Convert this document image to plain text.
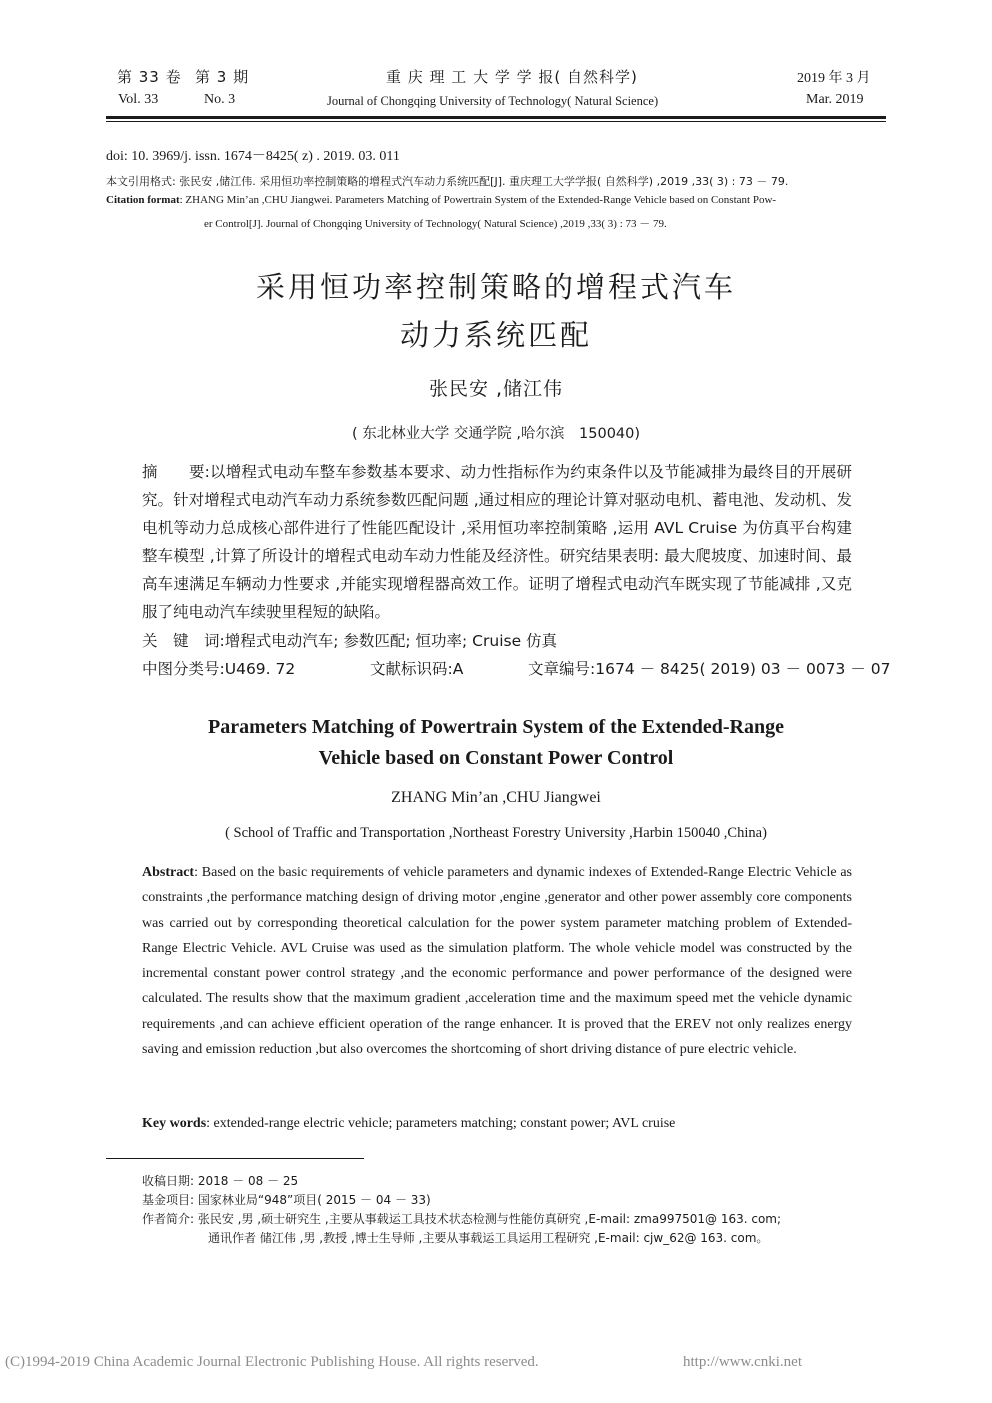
第 33 卷 第 3 期	重 庆 理 工 大 学 学 报( 自然科学)	2019 年 3 月
Vol. 33	No. 3	Journal of Chongqing University of Technology( Natural Science)	Mar. 2019
doi: 10. 3969/j. issn. 1674－8425( z) . 2019. 03. 011
本文引用格式: 张民安 ,储江伟. 采用恒功率控制策略的增程式汽车动力系统匹配[J]. 重庆理工大学学报( 自然科学) ,2019 ,33( 3) : 73 － 79.
Citation format: ZHANG Min’an ,CHU Jiangwei. Parameters Matching of Powertrain System of the Extended-Range Vehicle based on Constant Pow-
er Control[J]. Journal of Chongqing University of Technology( Natural Science) ,2019 ,33( 3) : 73 － 79.
采用恒功率控制策略的增程式汽车
动力系统匹配
张民安 ,储江伟
( 东北林业大学 交通学院 ,哈尔滨　150040)
摘　　要:以增程式电动车整车参数基本要求、动力性指标作为约束条件以及节能减排为最终目的开展研究。针对增程式电动汽车动力系统参数匹配问题 ,通过相应的理论计算对驱动电机、蓄电池、发动机、发电机等动力总成核心部件进行了性能匹配设计 ,采用恒功率控制策略 ,运用 AVL Cruise 为仿真平台构建整车模型 ,计算了所设计的增程式电动车动力性能及经济性。研究结果表明: 最大爬坡度、加速时间、最高车速满足车辆动力性要求 ,并能实现增程器高效工作。证明了增程式电动汽车既实现了节能减排 ,又克服了纯电动汽车续驶里程短的缺陷。
关　键　词:增程式电动汽车; 参数匹配; 恒功率; Cruise 仿真
中图分类号:U469. 72	文献标识码:A	文章编号:1674 － 8425( 2019) 03 － 0073 － 07
Parameters Matching of Powertrain System of the Extended-Range
Vehicle based on Constant Power Control
ZHANG Min’an ,CHU Jiangwei
( School of Traffic and Transportation ,Northeast Forestry University ,Harbin 150040 ,China)
Abstract: Based on the basic requirements of vehicle parameters and dynamic indexes of Extended-Range Electric Vehicle as constraints ,the performance matching design of driving motor ,engine ,generator and other power assembly core components was carried out by corresponding theoretical calculation for the power system parameter matching problem of Extended-Range Electric Vehicle. AVL Cruise was used as the simulation platform. The whole vehicle model was constructed by the incremental constant power control strategy ,and the economic performance and power performance of the designed were calculated. The results show that the maximum gradient ,acceleration time and the maximum speed met the vehicle dynamic requirements ,and can achieve efficient operation of the range enhancer. It is proved that the EREV not only realizes energy saving and emission reduction ,but also overcomes the shortcoming of short driving distance of pure electric vehicle.
Key words: extended-range electric vehicle; parameters matching; constant power; AVL cruise
收稿日期: 2018 － 08 － 25
基金项目: 国家林业局“948”项目( 2015 － 04 － 33)
作者简介: 张民安 ,男 ,硕士研究生 ,主要从事载运工具技术状态检测与性能仿真研究 ,E-mail: zma997501@ 163. com;
通讯作者 储江伟 ,男 ,教授 ,博士生导师 ,主要从事载运工具运用工程研究 ,E-mail: cjw_62@ 163. com。
(C)1994-2019 China Academic Journal Electronic Publishing House. All rights reserved.	http://www.cnki.net
